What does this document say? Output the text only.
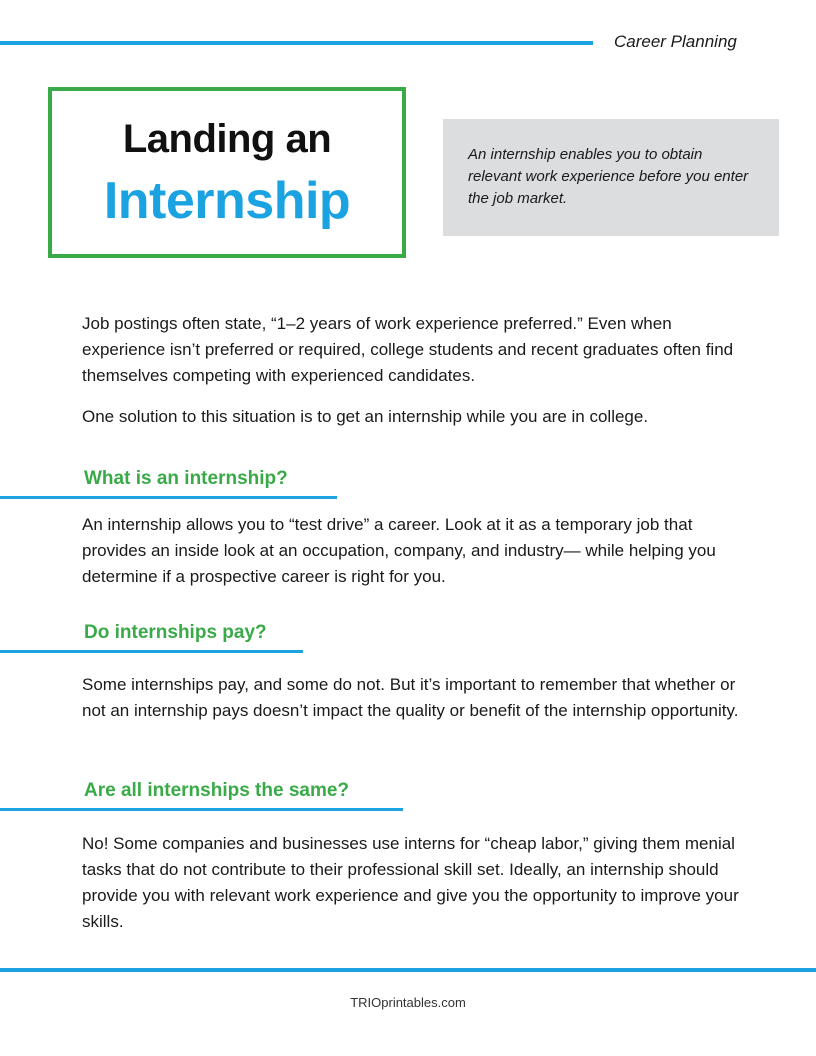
Career Planning
Landing an
Internship
An internship enables you to obtain relevant work experience before you enter the job market.

Job postings often state, “1–2 years of work experience preferred.” Even when experience isn’t preferred or required, college students and recent graduates often find themselves competing with experienced candidates.

One solution to this situation is to get an internship while you are in college.

What is an internship?

An internship allows you to “test drive” a career. Look at it as a temporary job that provides an inside look at an occupation, company, and industry— while helping you determine if a prospective career is right for you.

Do internships pay?

Some internships pay, and some do not. But it’s important to remember that whether or not an internship pays doesn’t impact the quality or benefit of the internship opportunity.

Are all internships the same?

No! Some companies and businesses use interns for “cheap labor,” giving them menial tasks that do not contribute to their professional skill set. Ideally, an internship should provide you with relevant work experience and give you the opportunity to improve your skills.

TRIOprintables.com
